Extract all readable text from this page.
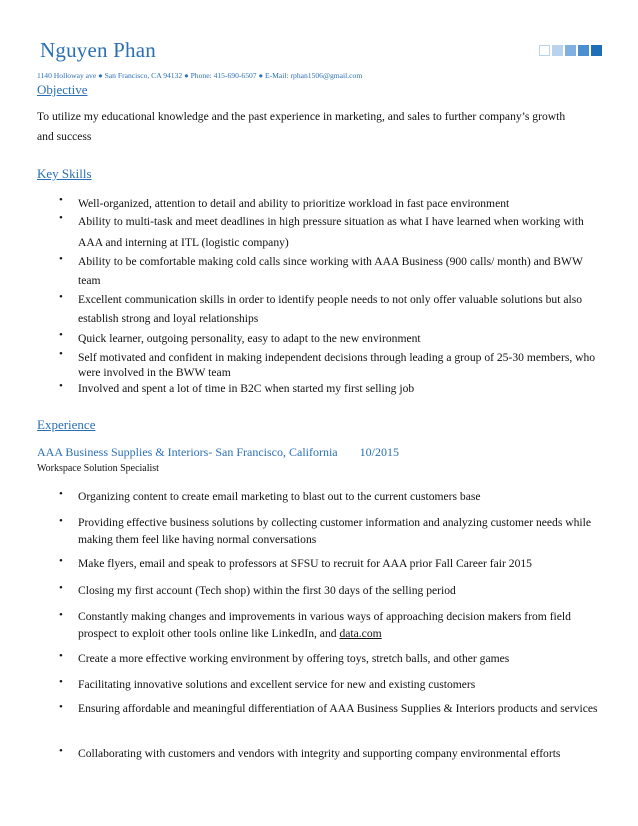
Nguyen Phan
1140 Holloway ave ● San Francisco, CA 94132 ● Phone: 415-690-6507 ● E-Mail: rphan1506@gmail.com
Objective
To utilize my educational knowledge and the past experience in marketing, and sales to further company’s growth and success
Key Skills
• Well-organized, attention to detail and ability to prioritize workload in fast pace environment
• Ability to multi-task and meet deadlines in high pressure situation as what I have learned when working with AAA and interning at ITL (logistic company)
• Ability to be comfortable making cold calls since working with AAA Business (900 calls/ month) and BWW team
• Excellent communication skills in order to identify people needs to not only offer valuable solutions but also establish strong and loyal relationships
• Quick learner, outgoing personality, easy to adapt to the new environment
• Self motivated and confident in making independent decisions through leading a group of 25-30 members, who were involved in the BWW team
• Involved and spent a lot of time in B2C when started my first selling job
Experience
AAA Business Supplies & Interiors- San Francisco, California 10/2015
Workspace Solution Specialist
• Organizing content to create email marketing to blast out to the current customers base
• Providing effective business solutions by collecting customer information and analyzing customer needs while making them feel like having normal conversations
• Make flyers, email and speak to professors at SFSU to recruit for AAA prior Fall Career fair 2015
• Closing my first account (Tech shop) within the first 30 days of the selling period
• Constantly making changes and improvements in various ways of approaching decision makers from field prospect to exploit other tools online like LinkedIn, and data.com
• Create a more effective working environment by offering toys, stretch balls, and other games
• Facilitating innovative solutions and excellent service for new and existing customers
• Ensuring affordable and meaningful differentiation of AAA Business Supplies & Interiors products and services
• Collaborating with customers and vendors with integrity and supporting company environmental efforts
